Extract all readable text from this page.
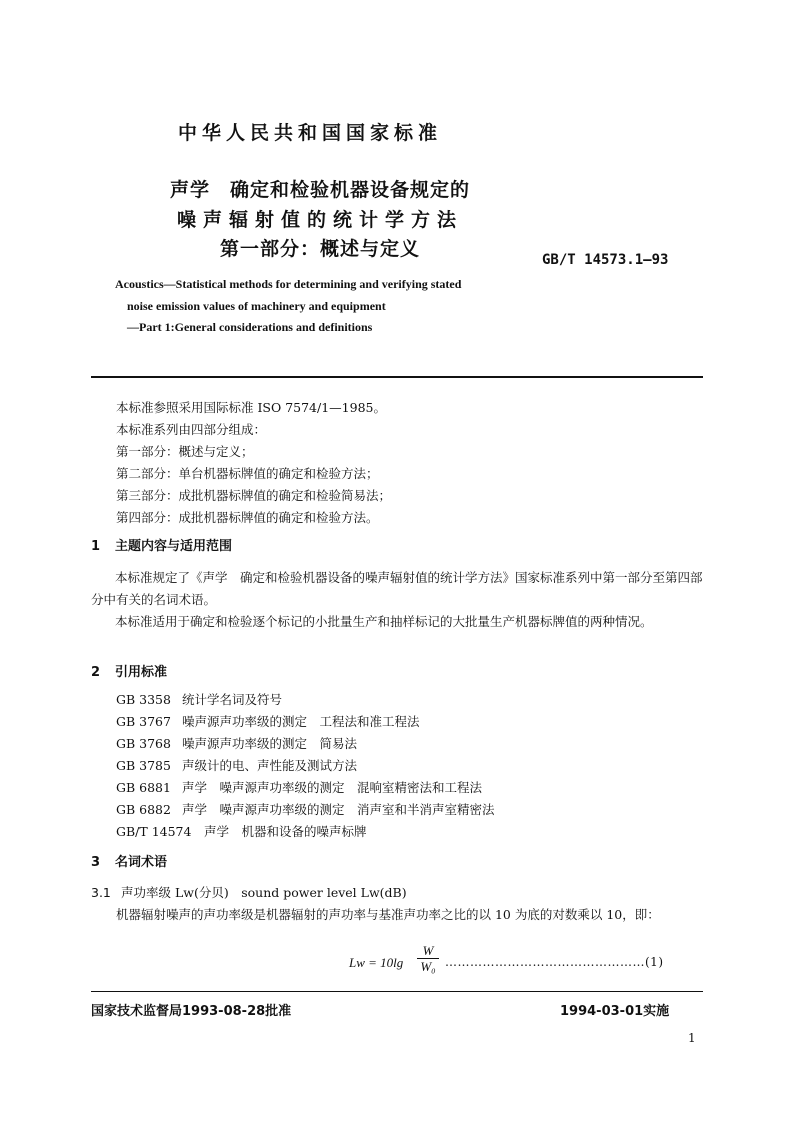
中华人民共和国国家标准
声学　确定和检验机器设备规定的
噪声辐射值的统计学方法
第一部分：概述与定义	GB/T 14573.1—93
Acoustics—Statistical methods for determining and verifying stated
noise emission values of machinery and equipment
—Part 1:General considerations and definitions
本标准参照采用国际标准 ISO 7574/1—1985。
本标准系列由四部分组成：
第一部分：概述与定义；
第二部分：单台机器标牌值的确定和检验方法；
第三部分：成批机器标牌值的确定和检验简易法；
第四部分：成批机器标牌值的确定和检验方法。
1 主题内容与适用范围

本标准规定了《声学　确定和检验机器设备的噪声辐射值的统计学方法》国家标准系列中第一部分至第四部分中有关的名词术语。

本标准适用于确定和检验逐个标记的小批量生产和抽样标记的大批量生产机器标牌值的两种情况。

2 引用标准
GB 3358 统计学名词及符号
GB 3767 噪声源声功率级的测定　工程法和准工程法
GB 3768 噪声源声功率级的测定　简易法
GB 3785 声级计的电、声性能及测试方法
GB 6881 声学　噪声源声功率级的测定　混响室精密法和工程法
GB 6882 声学　噪声源声功率级的测定　消声室和半消声室精密法
GB/T 14574 声学　机器和设备的噪声标牌
3 名词术语
3.1 声功率级 Lw(分贝)　sound power level Lw(dB)
机器辐射噪声的声功率级是机器辐射的声功率与基准声功率之比的以 10 为底的对数乘以 10，即：
$Lw = 10\lg \frac{W}{\text{W₀}}$ …………………………………………(1)
国家技术监督局1993-08-28批准	1994-03-01实施
1
